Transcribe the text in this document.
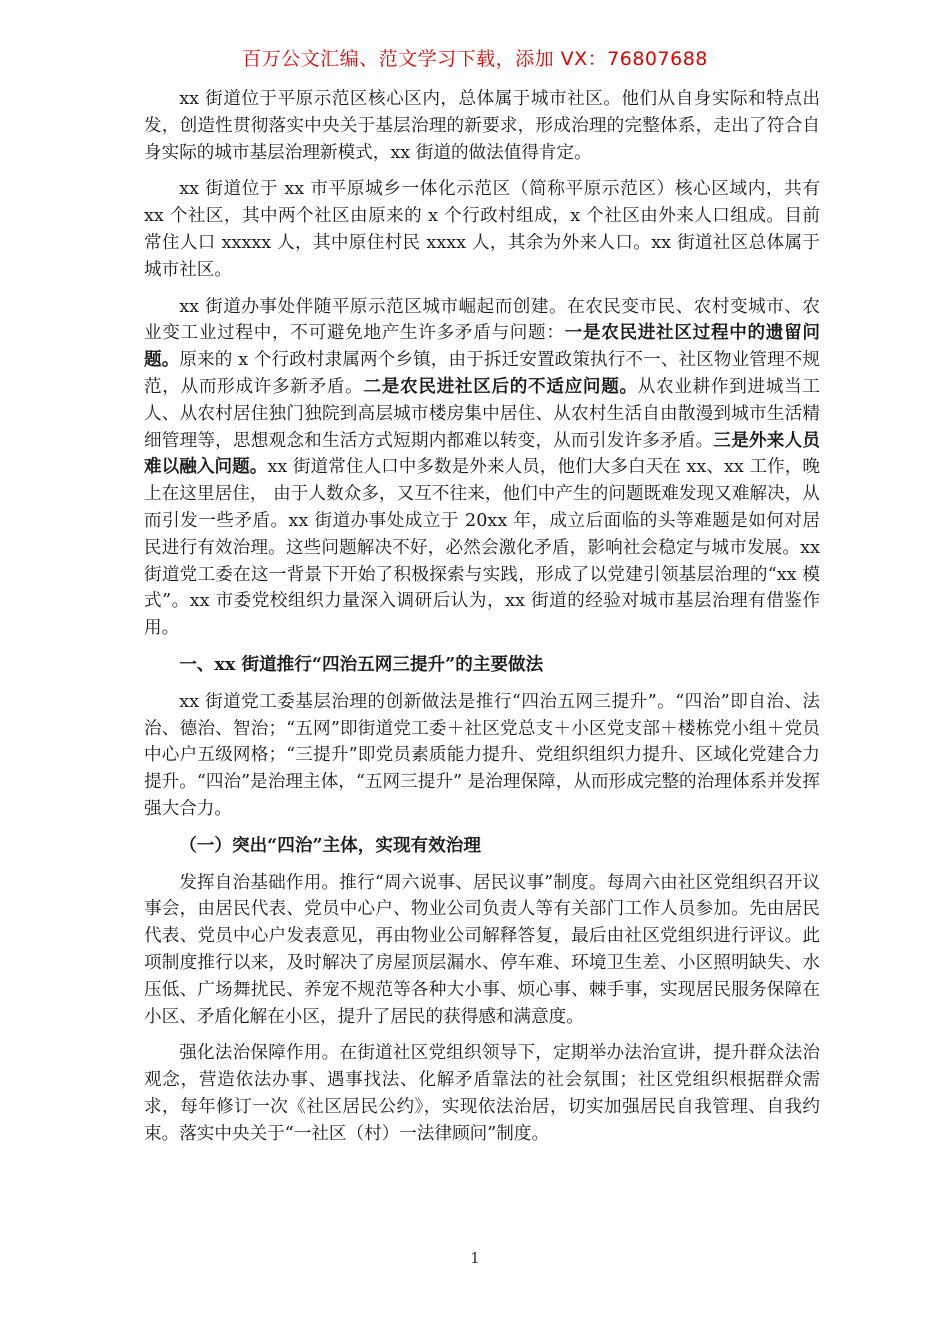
百万公文汇编、范文学习下载，添加 VX：76807688

xx 街道位于平原示范区核心区内，总体属于城市社区。他们从自身实际和特点出发，创造性贯彻落实中央关于基层治理的新要求，形成治理的完整体系，走出了符合自身实际的城市基层治理新模式，xx 街道的做法值得肯定。

xx 街道位于 xx 市平原城乡一体化示范区（简称平原示范区）核心区域内，共有 xx 个社区，其中两个社区由原来的 x 个行政村组成，x 个社区由外来人口组成。目前常住人口 xxxxx 人，其中原住村民 xxxx 人，其余为外来人口。xx 街道社区总体属于城市社区。

xx 街道办事处伴随平原示范区城市崛起而创建。在农民变市民、农村变城市、农业变工业过程中，不可避免地产生许多矛盾与问题：一是农民进社区过程中的遗留问题。原来的 x 个行政村隶属两个乡镇，由于拆迁安置政策执行不一、社区物业管理不规范，从而形成许多新矛盾。二是农民进社区后的不适应问题。从农业耕作到进城当工人、从农村居住独门独院到高层城市楼房集中居住、从农村生活自由散漫到城市生活精细管理等，思想观念和生活方式短期内都难以转变，从而引发许多矛盾。三是外来人员难以融入问题。xx 街道常住人口中多数是外来人员，他们大多白天在 xx、xx 工作，晚上在这里居住， 由于人数众多，又互不往来，他们中产生的问题既难发现又难解决，从而引发一些矛盾。xx 街道办事处成立于 20xx 年，成立后面临的头等难题是如何对居民进行有效治理。这些问题解决不好，必然会激化矛盾，影响社会稳定与城市发展。xx 街道党工委在这一背景下开始了积极探索与实践，形成了以党建引领基层治理的“xx 模式”。xx 市委党校组织力量深入调研后认为，xx 街道的经验对城市基层治理有借鉴作用。

一、xx 街道推行“四治五网三提升”的主要做法

xx 街道党工委基层治理的创新做法是推行“四治五网三提升”。“四治”即自治、法治、德治、智治；“五网”即街道党工委＋社区党总支＋小区党支部＋楼栋党小组＋党员中心户五级网格；“三提升”即党员素质能力提升、党组织组织力提升、区域化党建合力提升。“四治”是治理主体，“五网三提升” 是治理保障，从而形成完整的治理体系并发挥强大合力。

（一）突出“四治”主体，实现有效治理

发挥自治基础作用。推行“周六说事、居民议事”制度。每周六由社区党组织召开议事会，由居民代表、党员中心户、物业公司负责人等有关部门工作人员参加。先由居民代表、党员中心户发表意见，再由物业公司解释答复，最后由社区党组织进行评议。此项制度推行以来，及时解决了房屋顶层漏水、停车难、环境卫生差、小区照明缺失、水压低、广场舞扰民、养宠不规范等各种大小事、烦心事、棘手事，实现居民服务保障在小区、矛盾化解在小区，提升了居民的获得感和满意度。

强化法治保障作用。在街道社区党组织领导下，定期举办法治宣讲，提升群众法治观念，营造依法办事、遇事找法、化解矛盾靠法的社会氛围；社区党组织根据群众需求，每年修订一次《社区居民公约》，实现依法治居，切实加强居民自我管理、自我约束。落实中央关于“一社区（村）一法律顾问”制度。

1
